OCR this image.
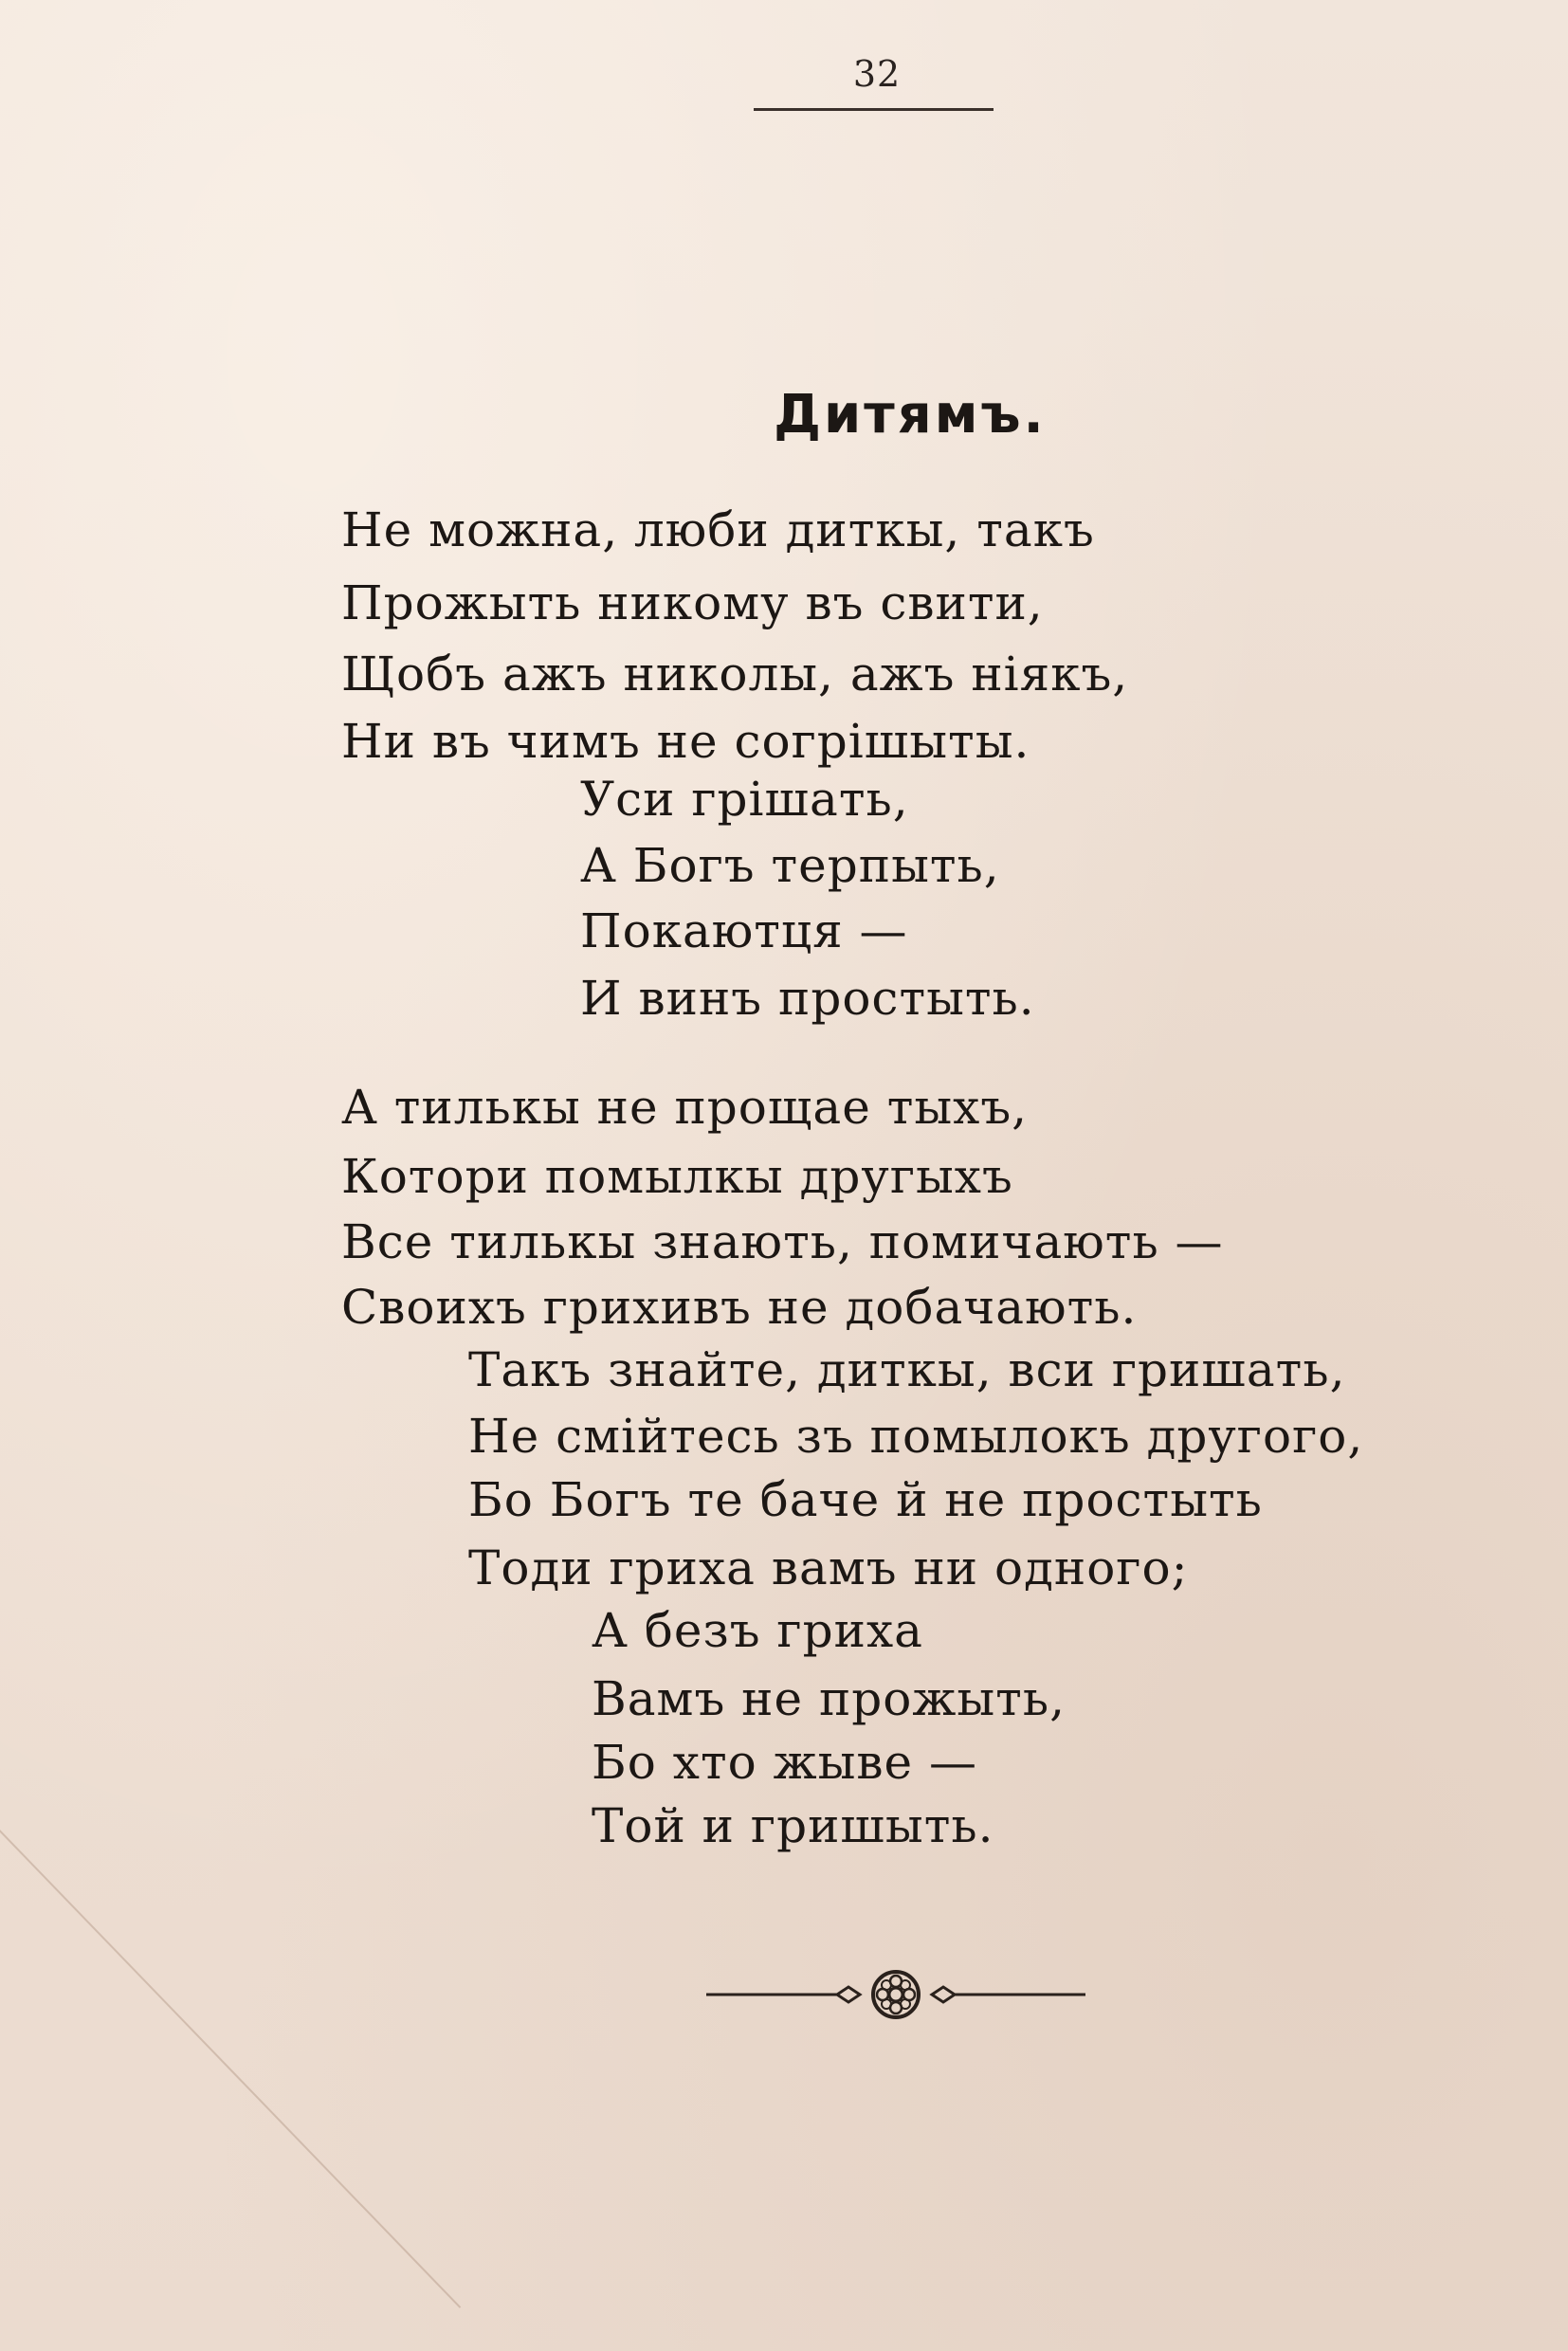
32
Дитямъ.
Не можна, люби диткы, такъ
Прожыть никому въ свити,
Щобъ ажъ николы, ажъ нiякъ,
Ни въ чимъ не согрiшыты.
Уси грiшать,
А Богъ терпыть,
Покаютця —
И винъ простыть.
А тилькы не прощае тыхъ,
Котори помылкы другыхъ
Все тилькы знають, помичають —
Своихъ грихивъ не добачають.
Такъ знайте, диткы, вси гришать,
Не смiйтесь зъ помылокъ другого,
Бо Богъ те баче й не простыть
Тоди гриха вамъ ни одного;
А безъ гриха
Вамъ не прожыть,
Бо хто жыве —
Той и гришыть.
